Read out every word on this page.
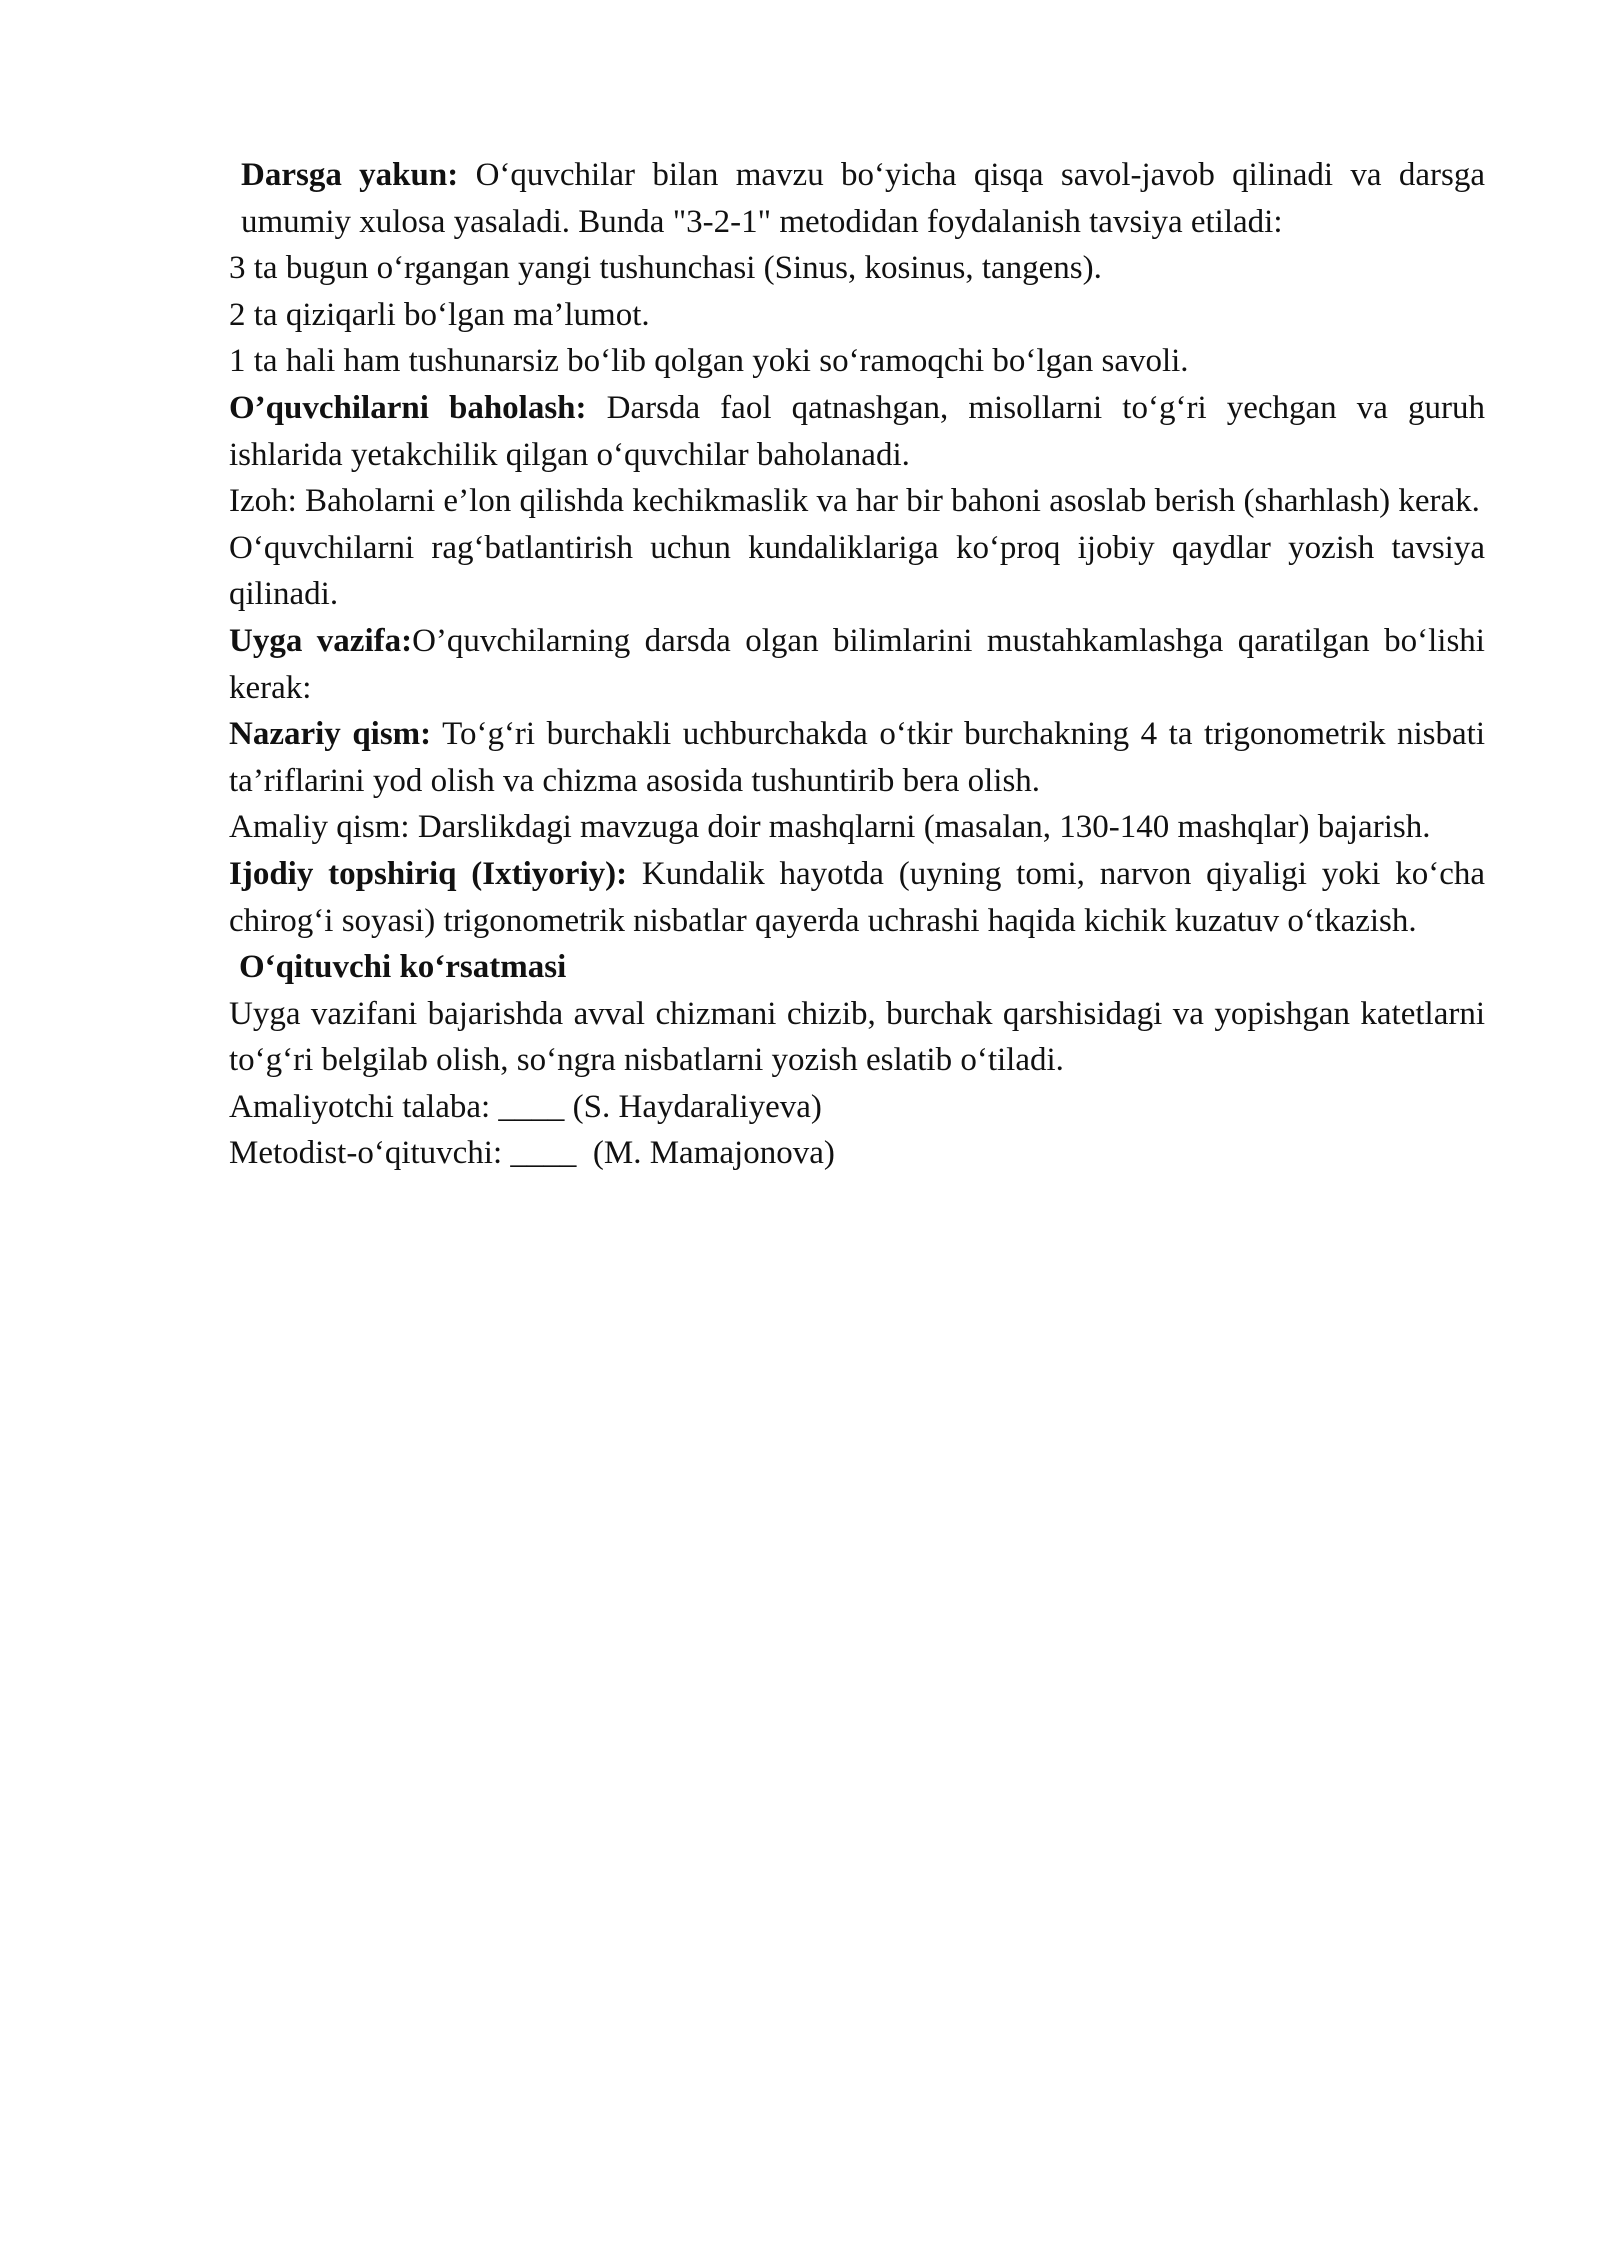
Darsga yakun: O‘quvchilar bilan mavzu bo‘yicha qisqa savol-javob qilinadi va darsga umumiy xulosa yasaladi. Bunda "3-2-1" metodidan foydalanish tavsiya etiladi:

3 ta bugun o‘rgangan yangi tushunchasi (Sinus, kosinus, tangens).

2 ta qiziqarli bo‘lgan ma’lumot.

1 ta hali ham tushunarsiz bo‘lib qolgan yoki so‘ramoqchi bo‘lgan savoli.

O’quvchilarni baholash: Darsda faol qatnashgan, misollarni to‘g‘ri yechgan va guruh ishlarida yetakchilik qilgan o‘quvchilar baholanadi.

Izoh: Baholarni e’lon qilishda kechikmaslik va har bir bahoni asoslab berish (sharhlash) kerak.

O‘quvchilarni rag‘batlantirish uchun kundaliklariga ko‘proq ijobiy qaydlar yozish tavsiya qilinadi.

Uyga vazifa:O’quvchilarning darsda olgan bilimlarini mustahkamlashga qaratilgan bo‘lishi kerak:

Nazariy qism: To‘g‘ri burchakli uchburchakda o‘tkir burchakning 4 ta trigonometrik nisbati ta’riflarini yod olish va chizma asosida tushuntirib bera olish.

Amaliy qism: Darslikdagi mavzuga doir mashqlarni (masalan, 130-140 mashqlar) bajarish.

Ijodiy topshiriq (Ixtiyoriy): Kundalik hayotda (uyning tomi, narvon qiyaligi yoki ko‘cha chirog‘i soyasi) trigonometrik nisbatlar qayerda uchrashi haqida kichik kuzatuv o‘tkazish.

O‘qituvchi ko‘rsatmasi

Uyga vazifani bajarishda avval chizmani chizib, burchak qarshisidagi va yopishgan katetlarni to‘g‘ri belgilab olish, so‘ngra nisbatlarni yozish eslatib o‘tiladi.

Amaliyotchi talaba: ____ (S. Haydaraliyeva)

Metodist-o‘qituvchi: ____  (M. Mamajonova)
